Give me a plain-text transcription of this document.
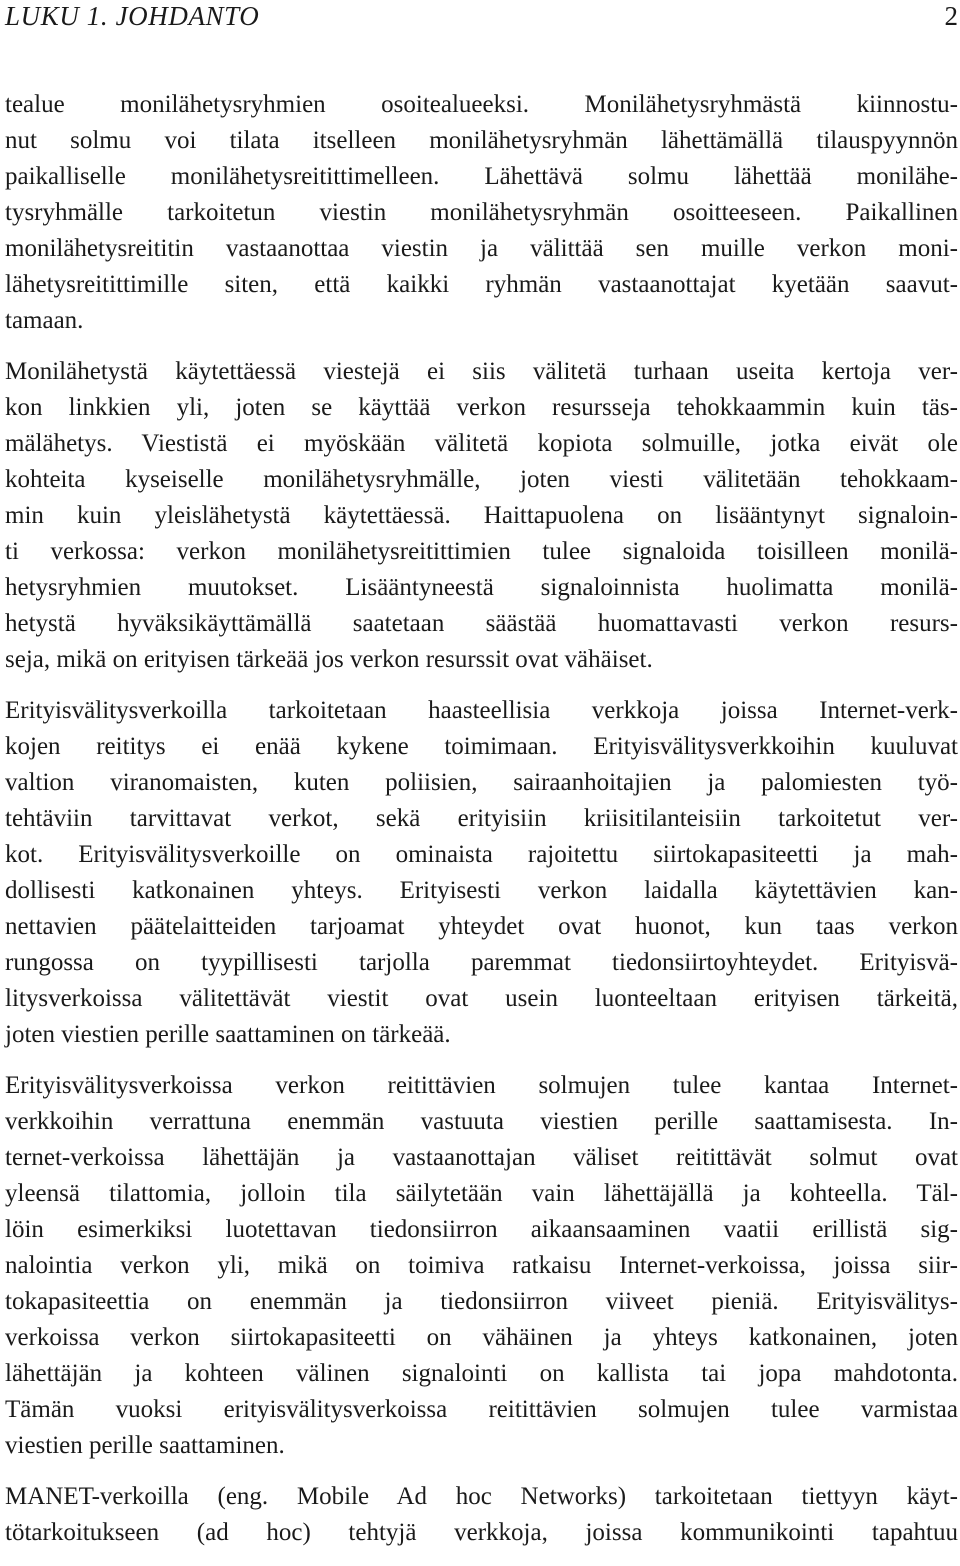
LUKU 1. JOHDANTO	2
tealue monilähetysryhmien osoitealueeksi. Monilähetysryhmästä kiinnostu-
nut solmu voi tilata itselleen monilähetysryhmän lähettämällä tilauspyynnön
paikalliselle monilähetysreitittimelleen. Lähettävä solmu lähettää monilähe-
tysryhmälle tarkoitetun viestin monilähetysryhmän osoitteeseen. Paikallinen
monilähetysreititin vastaanottaa viestin ja välittää sen muille verkon moni-
lähetysreitittimille siten, että kaikki ryhmän vastaanottajat kyetään saavut-
tamaan.
Monilähetystä käytettäessä viestejä ei siis välitetä turhaan useita kertoja ver-
kon linkkien yli, joten se käyttää verkon resursseja tehokkaammin kuin täs-
mälähetys. Viestistä ei myöskään välitetä kopiota solmuille, jotka eivät ole
kohteita kyseiselle monilähetysryhmälle, joten viesti välitetään tehokkaam-
min kuin yleislähetystä käytettäessä. Haittapuolena on lisääntynyt signaloin-
ti verkossa: verkon monilähetysreitittimien tulee signaloida toisilleen monilä-
hetysryhmien muutokset. Lisääntyneestä signaloinnista huolimatta monilä-
hetystä hyväksikäyttämällä saatetaan säästää huomattavasti verkon resurs-
seja, mikä on erityisen tärkeää jos verkon resurssit ovat vähäiset.
Erityisvälitysverkoilla tarkoitetaan haasteellisia verkkoja joissa Internet-verk-
kojen reititys ei enää kykene toimimaan. Erityisvälitysverkkoihin kuuluvat
valtion viranomaisten, kuten poliisien, sairaanhoitajien ja palomiesten työ-
tehtäviin tarvittavat verkot, sekä erityisiin kriisitilanteisiin tarkoitetut ver-
kot. Erityisvälitysverkoille on ominaista rajoitettu siirtokapasiteetti ja mah-
dollisesti katkonainen yhteys. Erityisesti verkon laidalla käytettävien kan-
nettavien päätelaitteiden tarjoamat yhteydet ovat huonot, kun taas verkon
rungossa on tyypillisesti tarjolla paremmat tiedonsiirtoyhteydet. Erityisvä-
litysverkoissa välitettävät viestit ovat usein luonteeltaan erityisen tärkeitä,
joten viestien perille saattaminen on tärkeää.
Erityisvälitysverkoissa verkon reitittävien solmujen tulee kantaa Internet-
verkkoihin verrattuna enemmän vastuuta viestien perille saattamisesta. In-
ternet-verkoissa lähettäjän ja vastaanottajan väliset reitittävät solmut ovat
yleensä tilattomia, jolloin tila säilytetään vain lähettäjällä ja kohteella. Täl-
löin esimerkiksi luotettavan tiedonsiirron aikaansaaminen vaatii erillistä sig-
nalointia verkon yli, mikä on toimiva ratkaisu Internet-verkoissa, joissa siir-
tokapasiteettia on enemmän ja tiedonsiirron viiveet pieniä. Erityisvälitys-
verkoissa verkon siirtokapasiteetti on vähäinen ja yhteys katkonainen, joten
lähettäjän ja kohteen välinen signalointi on kallista tai jopa mahdotonta.
Tämän vuoksi erityisvälitysverkoissa reitittävien solmujen tulee varmistaa
viestien perille saattaminen.
MANET-verkoilla (eng. Mobile Ad hoc Networks) tarkoitetaan tiettyyn käyt-
tötarkoitukseen (ad hoc) tehtyjä verkkoja, joissa kommunikointi tapahtuu
